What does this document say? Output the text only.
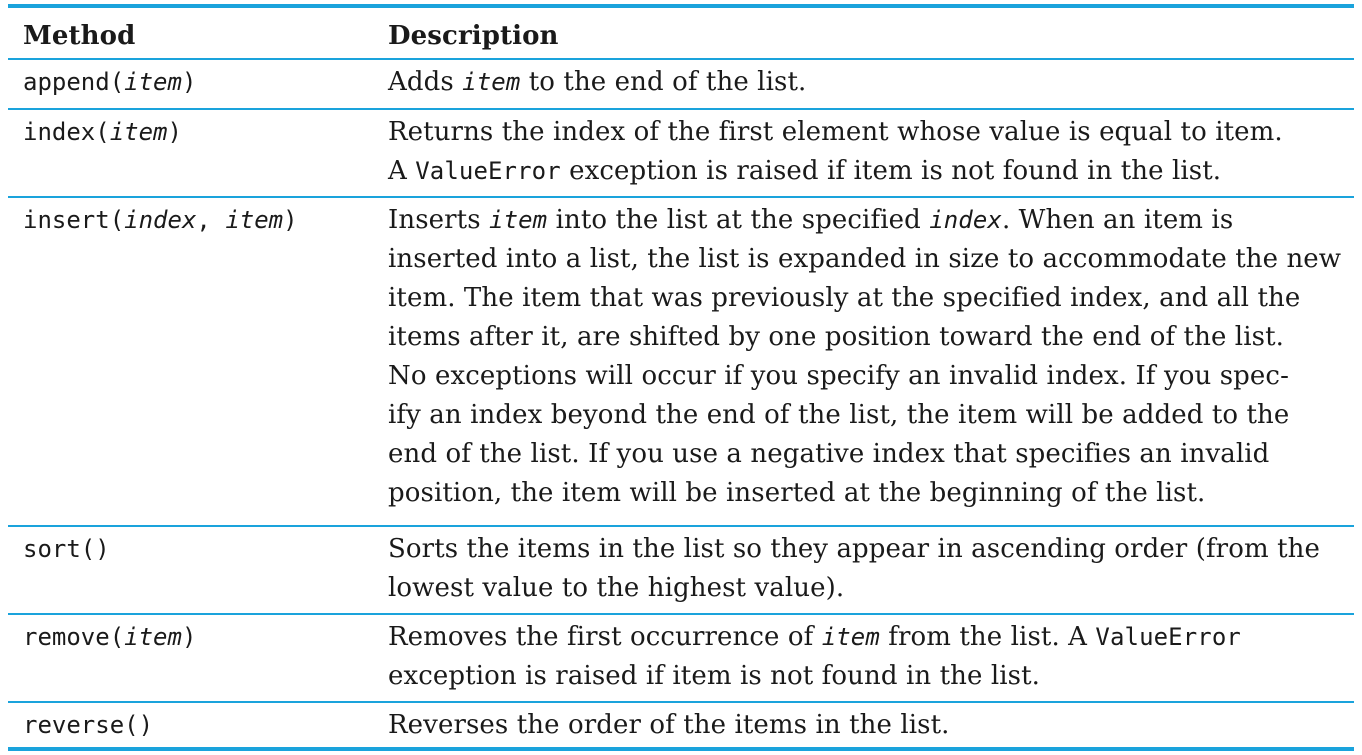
Method	Description
append(item)	Adds item to the end of the list.
index(item)	Returns the index of the first element whose value is equal to item.
A ValueError exception is raised if item is not found in the list.
insert(index, item)	Inserts item into the list at the specified index. When an item is
inserted into a list, the list is expanded in size to accommodate the new
item. The item that was previously at the specified index, and all the
items after it, are shifted by one position toward the end of the list.
No exceptions will occur if you specify an invalid index. If you spec-
ify an index beyond the end of the list, the item will be added to the
end of the list. If you use a negative index that specifies an invalid
position, the item will be inserted at the beginning of the list.
sort()	Sorts the items in the list so they appear in ascending order (from the
lowest value to the highest value).
remove(item)	Removes the first occurrence of item from the list. A ValueError
exception is raised if item is not found in the list.
reverse()	Reverses the order of the items in the list.
